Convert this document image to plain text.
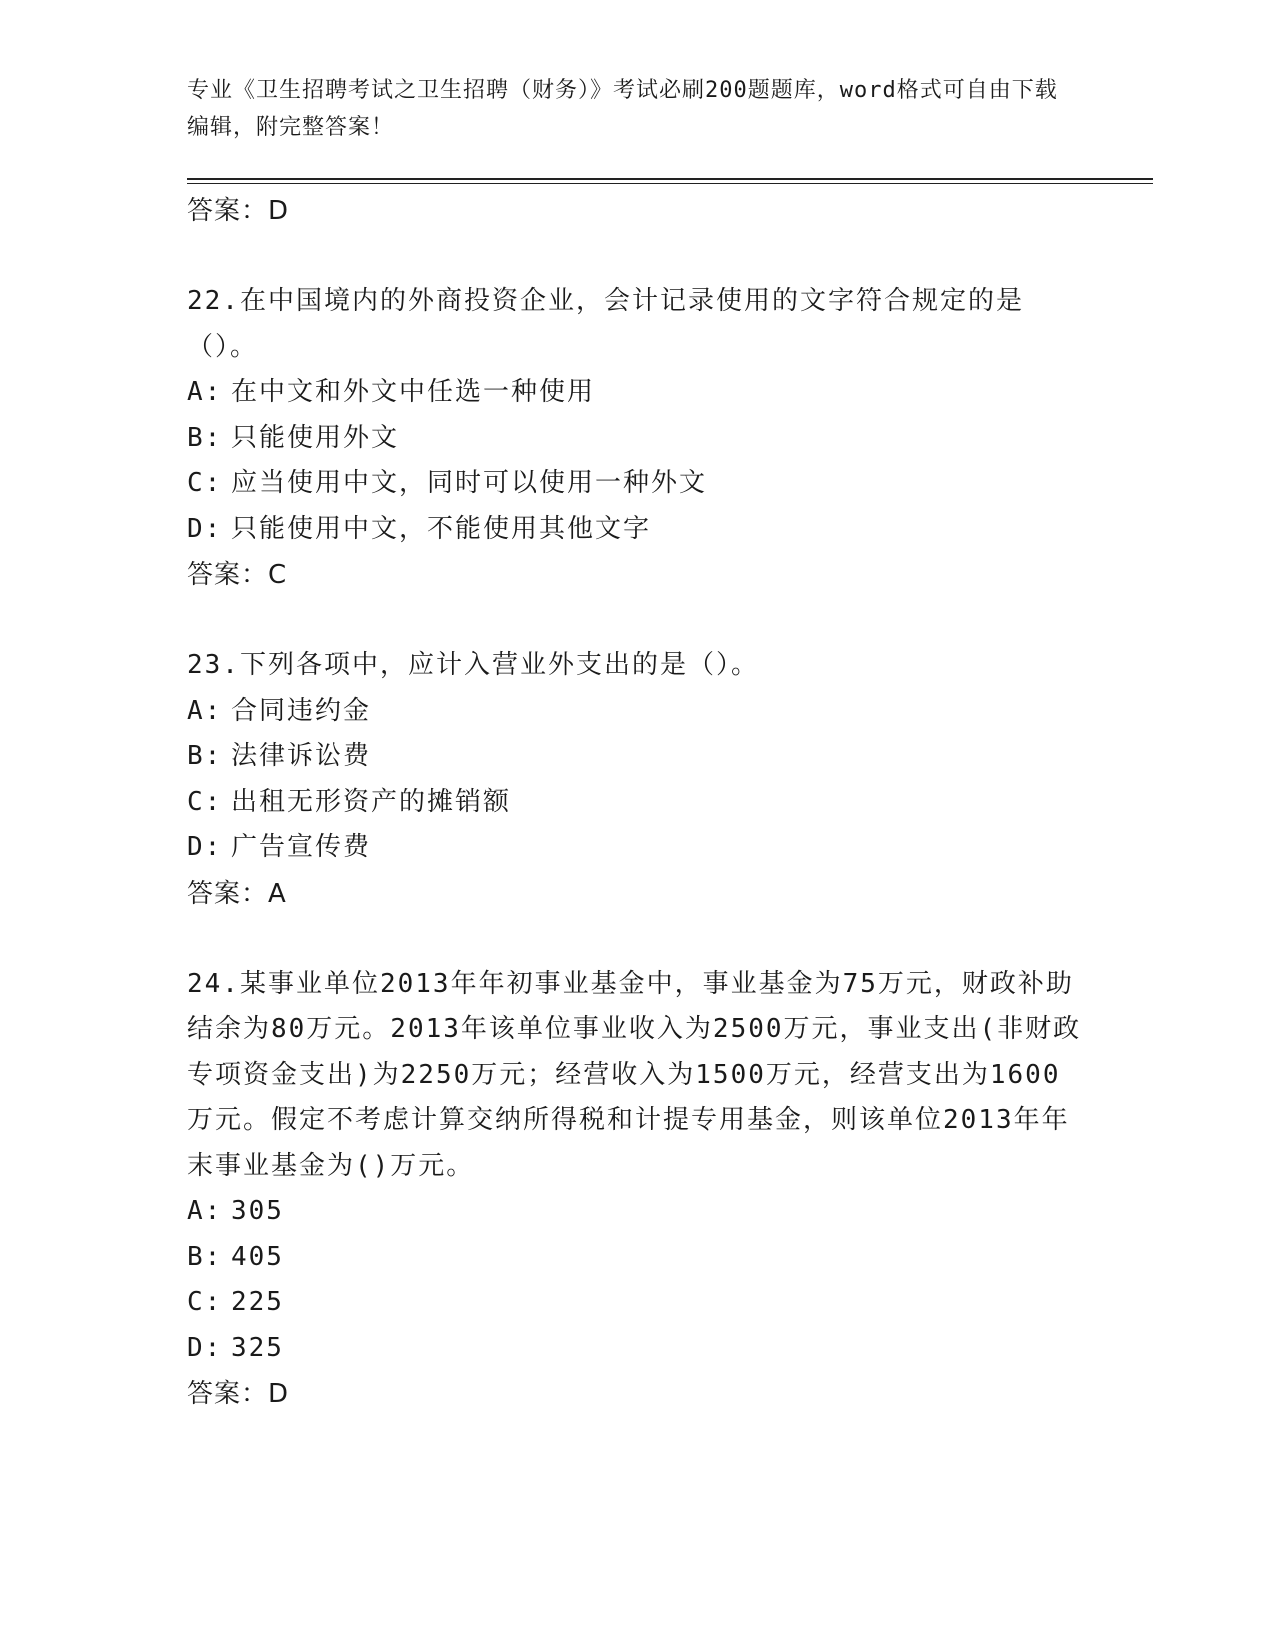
专业《卫生招聘考试之卫生招聘（财务）》考试必刷200题题库，word格式可自由下载编辑，附完整答案！
答案：D
22.在中国境内的外商投资企业，会计记录使用的文字符合规定的是（）。
A: 在中文和外文中任选一种使用
B: 只能使用外文
C: 应当使用中文，同时可以使用一种外文
D: 只能使用中文，不能使用其他文字
答案：C
23.下列各项中，应计入营业外支出的是（）。
A: 合同违约金
B: 法律诉讼费
C: 出租无形资产的摊销额
D: 广告宣传费
答案：A
24.某事业单位2013年年初事业基金中，事业基金为75万元，财政补助结余为80万元。2013年该单位事业收入为2500万元，事业支出(非财政专项资金支出)为2250万元；经营收入为1500万元，经营支出为1600万元。假定不考虑计算交纳所得税和计提专用基金，则该单位2013年年末事业基金为()万元。
A: 305
B: 405
C: 225
D: 325
答案：D
